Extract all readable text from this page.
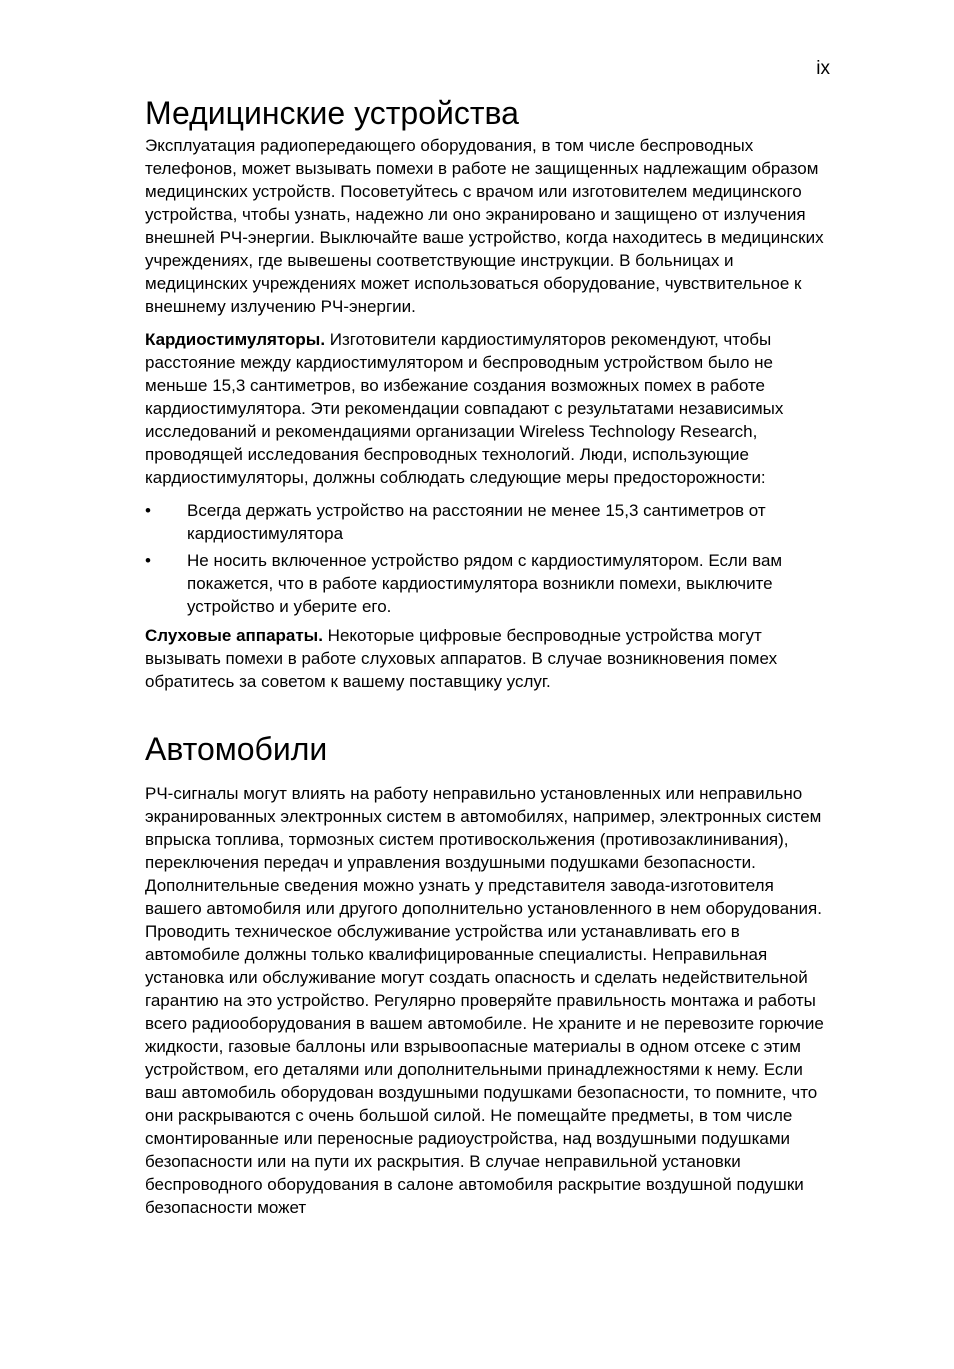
ix
Медицинские устройства

Эксплуатация радиопередающего оборудования, в том числе беспроводных телефонов, может вызывать помехи в работе не защищенных надлежащим образом медицинских устройств. Посоветуйтесь с врачом или изготовителем медицинского устройства, чтобы узнать, надежно ли оно экранировано и защищено от излучения внешней РЧ-энергии. Выключайте ваше устройство, когда находитесь в медицинских учреждениях, где вывешены соответствующие инструкции. В больницах и медицинских учреждениях может использоваться оборудование, чувствительное к внешнему излучению РЧ-энергии.

Кардиостимуляторы. Изготовители кардиостимуляторов рекомендуют, чтобы расстояние между кардиостимулятором и беспроводным устройством было не меньше 15,3 сантиметров, во избежание создания возможных помех в работе кардиостимулятора. Эти рекомендации совпадают с результатами независимых исследований и рекомендациями организации Wireless Technology Research, проводящей исследования беспроводных технологий. Люди, использующие кардиостимуляторы, должны соблюдать следующие меры предосторожности:

• Всегда держать устройство на расстоянии не менее 15,3 сантиметров от кардиостимулятора
• Не носить включенное устройство рядом с кардиостимулятором. Если вам покажется, что в работе кардиостимулятора возникли помехи, выключите устройство и уберите его.

Слуховые аппараты. Некоторые цифровые беспроводные устройства могут вызывать помехи в работе слуховых аппаратов. В случае возникновения помех обратитесь за советом к вашему поставщику услуг.

Автомобили

РЧ-сигналы могут влиять на работу неправильно установленных или неправильно экранированных электронных систем в автомобилях, например, электронных систем впрыска топлива, тормозных систем противоскольжения (противозаклинивания), переключения передач и управления воздушными подушками безопасности. Дополнительные сведения можно узнать у представителя завода-изготовителя вашего автомобиля или другого дополнительно установленного в нем оборудования. Проводить техническое обслуживание устройства или устанавливать его в автомобиле должны только квалифицированные специалисты. Неправильная установка или обслуживание могут создать опасность и сделать недействительной гарантию на это устройство. Регулярно проверяйте правильность монтажа и работы всего радиооборудования в вашем автомобиле. Не храните и не перевозите горючие жидкости, газовые баллоны или взрывоопасные материалы в одном отсеке с этим устройством, его деталями или дополнительными принадлежностями к нему. Если ваш автомобиль оборудован воздушными подушками безопасности, то помните, что они раскрываются с очень большой силой. Не помещайте предметы, в том числе смонтированные или переносные радиоустройства, над воздушными подушками безопасности или на пути их раскрытия. В случае неправильной установки беспроводного оборудования в салоне автомобиля раскрытие воздушной подушки безопасности может
